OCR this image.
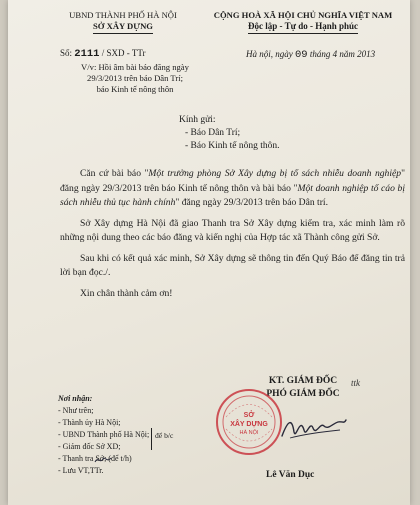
UBND THÀNH PHỐ HÀ NỘI
SỞ XÂY DỰNG
CỘNG HOÀ XÃ HỘI CHỦ NGHĨA VIỆT NAM
Độc lập - Tự do - Hạnh phúc
Số: 2111 / SXD - TTr	Hà nội, ngày 09 tháng 4 năm 2013
V/v: Hồi âm bài báo đăng ngày
29/3/2013 trên báo Dân Trí;
báo Kinh tế nông thôn
Kính gửi:
- Báo Dân Trí;
- Báo Kinh tế nông thôn.

Căn cứ bài báo "Một trưởng phòng Sở Xây dựng bị tố sách nhiễu doanh nghiệp" đăng ngày 29/3/2013 trên báo Kinh tế nông thôn và bài báo "Một doanh nghiệp tố cáo bị sách nhiễu thủ tục hành chính" đăng ngày 29/3/2013 trên báo Dân trí.

Sở Xây dựng Hà Nội đã giao Thanh tra Sở Xây dựng kiểm tra, xác minh làm rõ những nội dung theo các báo đăng và kiến nghị của Hợp tác xã Thành công gửi Sở.

Sau khi có kết quả xác minh, Sở Xây dựng sẽ thông tin đến Quý Báo để đăng tin trả lời bạn đọc./.

Xin chân thành cảm ơn!

KT. GIÁM ĐỐC
PHÓ GIÁM ĐỐC
ttk
SỞ
XÂY DỰNG
HÀ NỘI
Lê Văn Dục
Nơi nhận:
- Như trên;
- Thành ủy Hà Nội;
- UBND Thành phố Hà Nội;
- Giám đốc Sở XD;
- Thanh tra Sở; (để t/h)
- Lưu VT,TTr.
để b/c
